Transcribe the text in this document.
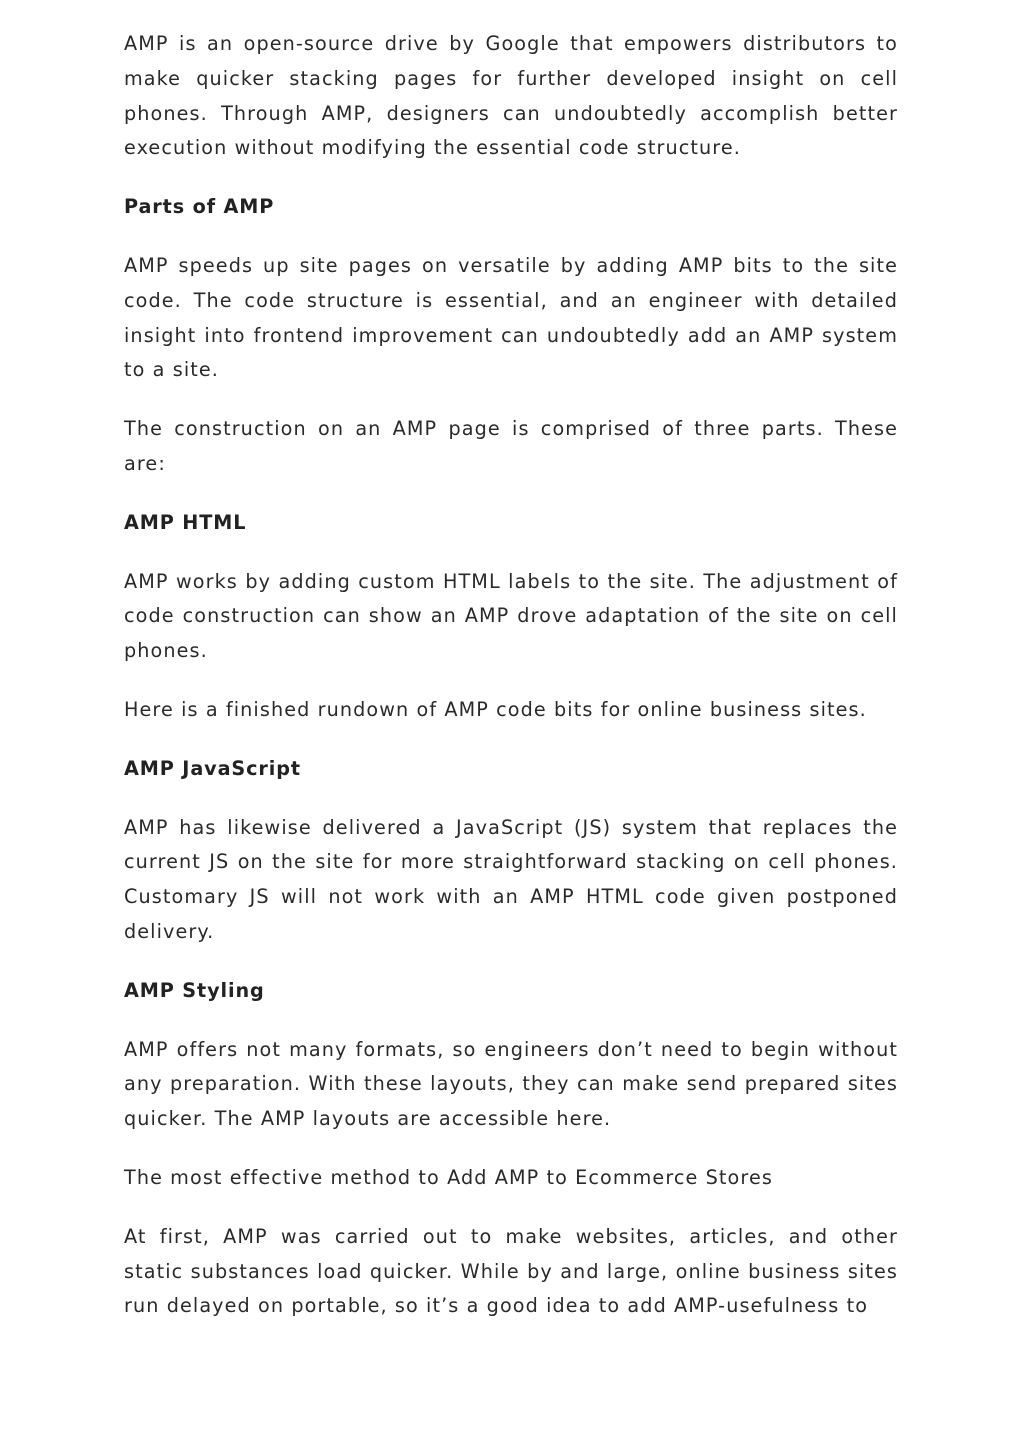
AMP is an open-source drive by Google that empowers distributors to make quicker stacking pages for further developed insight on cell phones. Through AMP, designers can undoubtedly accomplish better execution without modifying the essential code structure.

Parts of AMP

AMP speeds up site pages on versatile by adding AMP bits to the site code. The code structure is essential, and an engineer with detailed insight into frontend improvement can undoubtedly add an AMP system to a site.

The construction on an AMP page is comprised of three parts. These are:

AMP HTML

AMP works by adding custom HTML labels to the site. The adjustment of code construction can show an AMP drove adaptation of the site on cell phones.

Here is a finished rundown of AMP code bits for online business sites.

AMP JavaScript

AMP has likewise delivered a JavaScript (JS) system that replaces the current JS on the site for more straightforward stacking on cell phones. Customary JS will not work with an AMP HTML code given postponed delivery.

AMP Styling

AMP offers not many formats, so engineers don’t need to begin without any preparation. With these layouts, they can make send prepared sites quicker. The AMP layouts are accessible here.

The most effective method to Add AMP to Ecommerce Stores

At first, AMP was carried out to make websites, articles, and other static substances load quicker. While by and large, online business sites run delayed on portable, so it’s a good idea to add AMP-usefulness to
